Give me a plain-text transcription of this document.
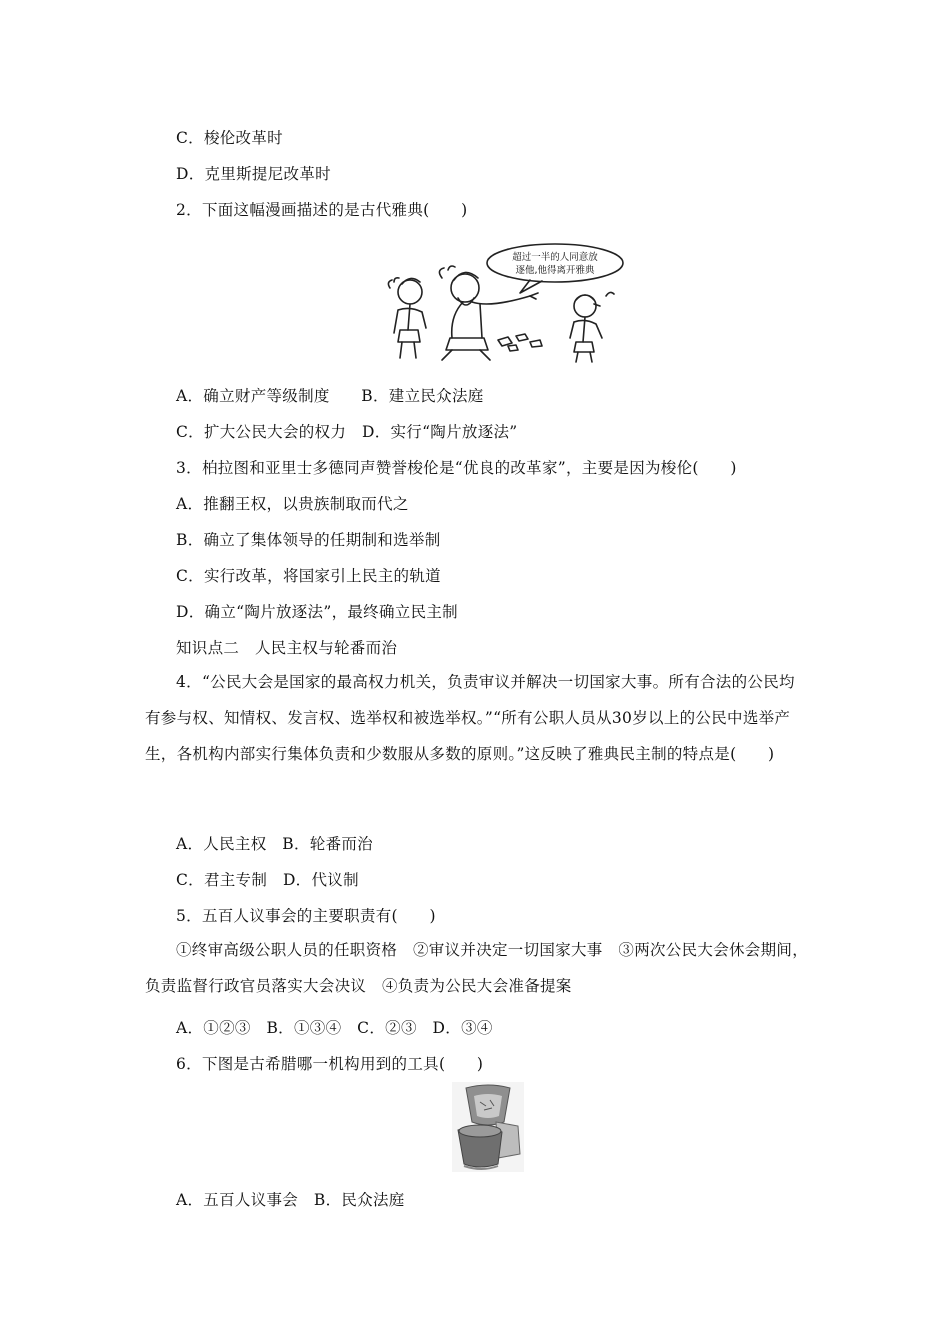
C．梭伦改革时
D．克里斯提尼改革时
2．下面这幅漫画描述的是古代雅典(　　)
超过一半的人同意放
逐他,他得离开雅典
A．确立财产等级制度　　B．建立民众法庭
C．扩大公民大会的权力　D．实行“陶片放逐法”
3．柏拉图和亚里士多德同声赞誉梭伦是“优良的改革家”，主要是因为梭伦(　　)
A．推翻王权，以贵族制取而代之
B．确立了集体领导的任期制和选举制
C．实行改革，将国家引上民主的轨道
D．确立“陶片放逐法”，最终确立民主制
知识点二　人民主权与轮番而治
4．“公民大会是国家的最高权力机关，负责审议并解决一切国家大事。所有合法的公民均有参与权、知情权、发言权、选举权和被选举权。”“所有公职人员从30岁以上的公民中选举产生，各机构内部实行集体负责和少数服从多数的原则。”这反映了雅典民主制的特点是(　　)
A．人民主权　B．轮番而治
C．君主专制　D．代议制
5．五百人议事会的主要职责有(　　)
①终审高级公职人员的任职资格　②审议并决定一切国家大事　③两次公民大会休会期间，负责监督行政官员落实大会决议　④负责为公民大会准备提案
A．①②③　B．①③④　C．②③　D．③④
6．下图是古希腊哪一机构用到的工具(　　)
A．五百人议事会　B．民众法庭
